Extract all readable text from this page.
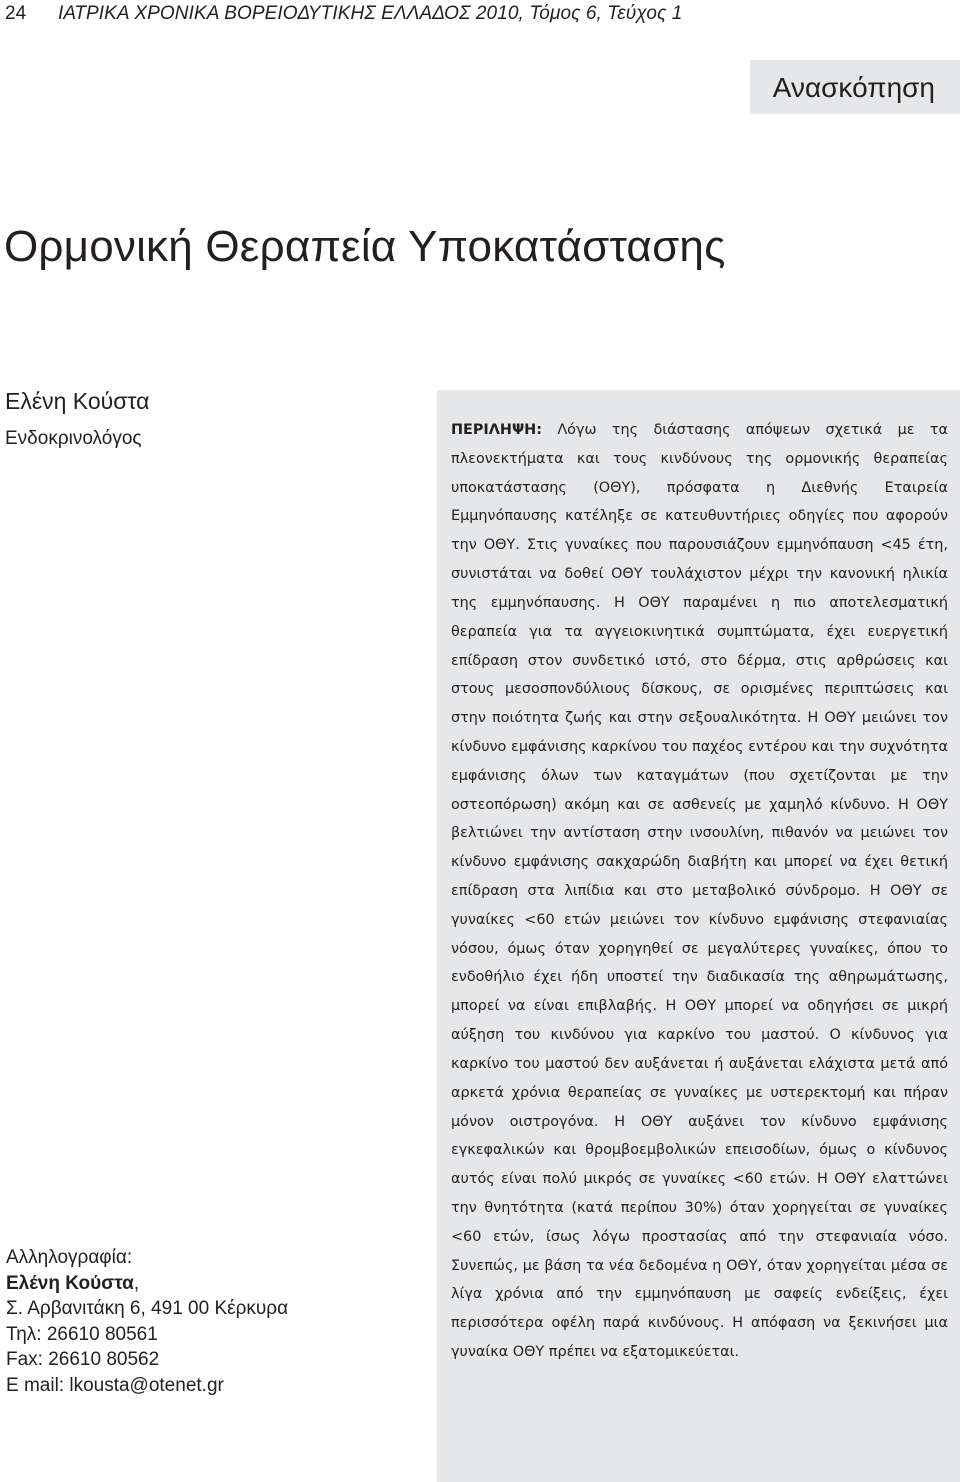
24 ΙΑΤΡΙΚΑ ΧΡΟΝΙΚΑ ΒΟΡΕΙΟΔΥΤΙΚΗΣ ΕΛΛΑΔΟΣ 2010, Τόμος 6, Τεύχος 1
Ανασκόπηση
Ορμονική Θεραπεία Υποκατάστασης
Ελένη Κούστα
Ενδοκρινολόγος
Αλληλογραφία:
Ελένη Κούστα,
Σ. Αρβανιτάκη 6, 491 00 Κέρκυρα
Τηλ: 26610 80561
Fax: 26610 80562
E mail: lkousta@otenet.gr
ΠΕΡΙΛΗΨΗ: Λόγω της διάστασης απόψεων σχετικά με τα πλεονεκτήματα και τους κινδύνους της ορμονικής θεραπείας υποκατάστασης (ΟΘΥ), πρόσφατα η Διεθνής Εταιρεία Εμμηνόπαυσης κατέληξε σε κατευθυντήριες οδηγίες που αφορούν την ΟΘΥ. Στις γυναίκες που παρουσιάζουν εμμηνόπαυση <45 έτη, συνιστάται να δοθεί ΟΘΥ τουλάχιστον μέχρι την κανονική ηλικία της εμμηνόπαυσης. Η ΟΘΥ παραμένει η πιο αποτελεσματική θεραπεία για τα αγγειοκινητικά συμπτώματα, έχει ευεργετική επίδραση στον συνδετικό ιστό, στο δέρμα, στις αρθρώσεις και στους μεσοσπονδύλιους δίσκους, σε ορισμένες περιπτώσεις και στην ποιότητα ζωής και στην σεξουαλικότητα. Η ΟΘΥ μειώνει τον κίνδυνο εμφάνισης καρκίνου του παχέος εντέρου και την συχνότητα εμφάνισης όλων των καταγμάτων (που σχετίζονται με την οστεοπόρωση) ακόμη και σε ασθενείς με χαμηλό κίνδυνο. Η ΟΘΥ βελτιώνει την αντίσταση στην ινσουλίνη, πιθανόν να μειώνει τον κίνδυνο εμφάνισης σακχαρώδη διαβήτη και μπορεί να έχει θετική επίδραση στα λιπίδια και στο μεταβολικό σύνδρομο. Η ΟΘΥ σε γυναίκες <60 ετών μειώνει τον κίνδυνο εμφάνισης στεφανιαίας νόσου, όμως όταν χορηγηθεί σε μεγαλύτερες γυναίκες, όπου το ενδοθήλιο έχει ήδη υποστεί την διαδικασία της αθηρωμάτωσης, μπορεί να είναι επιβλαβής. Η ΟΘΥ μπορεί να οδηγήσει σε μικρή αύξηση του κινδύνου για καρκίνο του μαστού. Ο κίνδυνος για καρκίνο του μαστού δεν αυξάνεται ή αυξάνεται ελάχιστα μετά από αρκετά χρόνια θεραπείας σε γυναίκες με υστερεκτομή και πήραν μόνον οιστρογόνα. Η ΟΘΥ αυξάνει τον κίνδυνο εμφάνισης εγκεφαλικών και θρομβοεμβολικών επεισοδίων, όμως ο κίνδυνος αυτός είναι πολύ μικρός σε γυναίκες <60 ετών. Η ΟΘΥ ελαττώνει την θνητότητα (κατά περίπου 30%) όταν χορηγείται σε γυναίκες <60 ετών, ίσως λόγω προστασίας από την στεφανιαία νόσο. Συνεπώς, με βάση τα νέα δεδομένα η ΟΘΥ, όταν χορηγείται μέσα σε λίγα χρόνια από την εμμηνόπαυση με σαφείς ενδείξεις, έχει περισσότερα οφέλη παρά κινδύνους. Η απόφαση να ξεκινήσει μια γυναίκα ΟΘΥ πρέπει να εξατομικεύεται.
